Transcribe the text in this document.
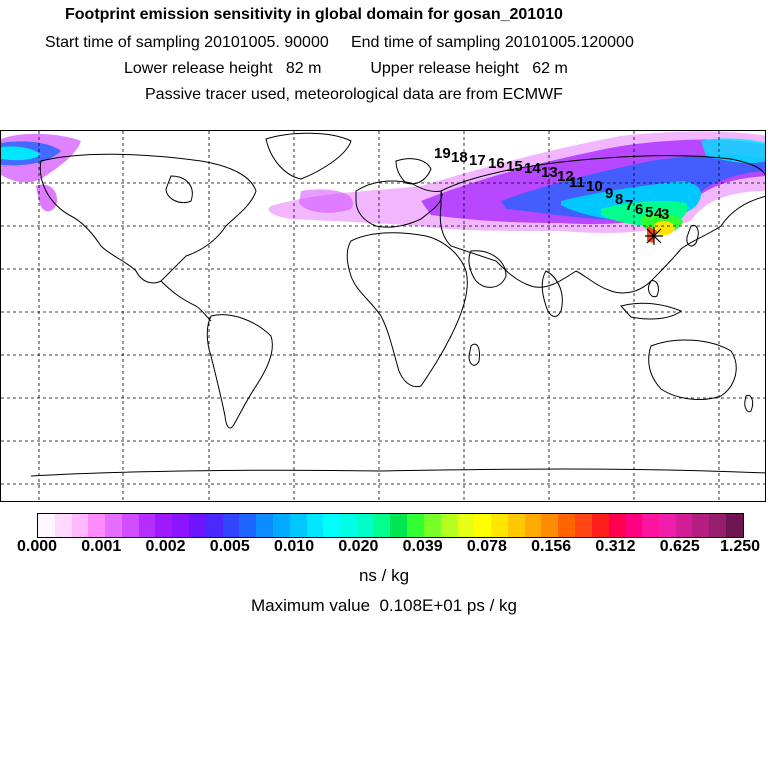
Footprint emission sensitivity in global domain for gosan_201010
Start time of sampling 20101005. 90000     End time of sampling 20101005.120000
Lower release height   82 m           Upper release height   62 m
Passive tracer used, meteorological data are from ECMWF
19 18 17 16 15 14 13 12
11 10 9 8 7 6 5 4
3
0.000 0.001 0.002 0.005 0.010 0.020 0.039 0.078 0.156 0.312 0.625 1.250
ns / kg
Maximum value  0.108E+01 ps / kg
